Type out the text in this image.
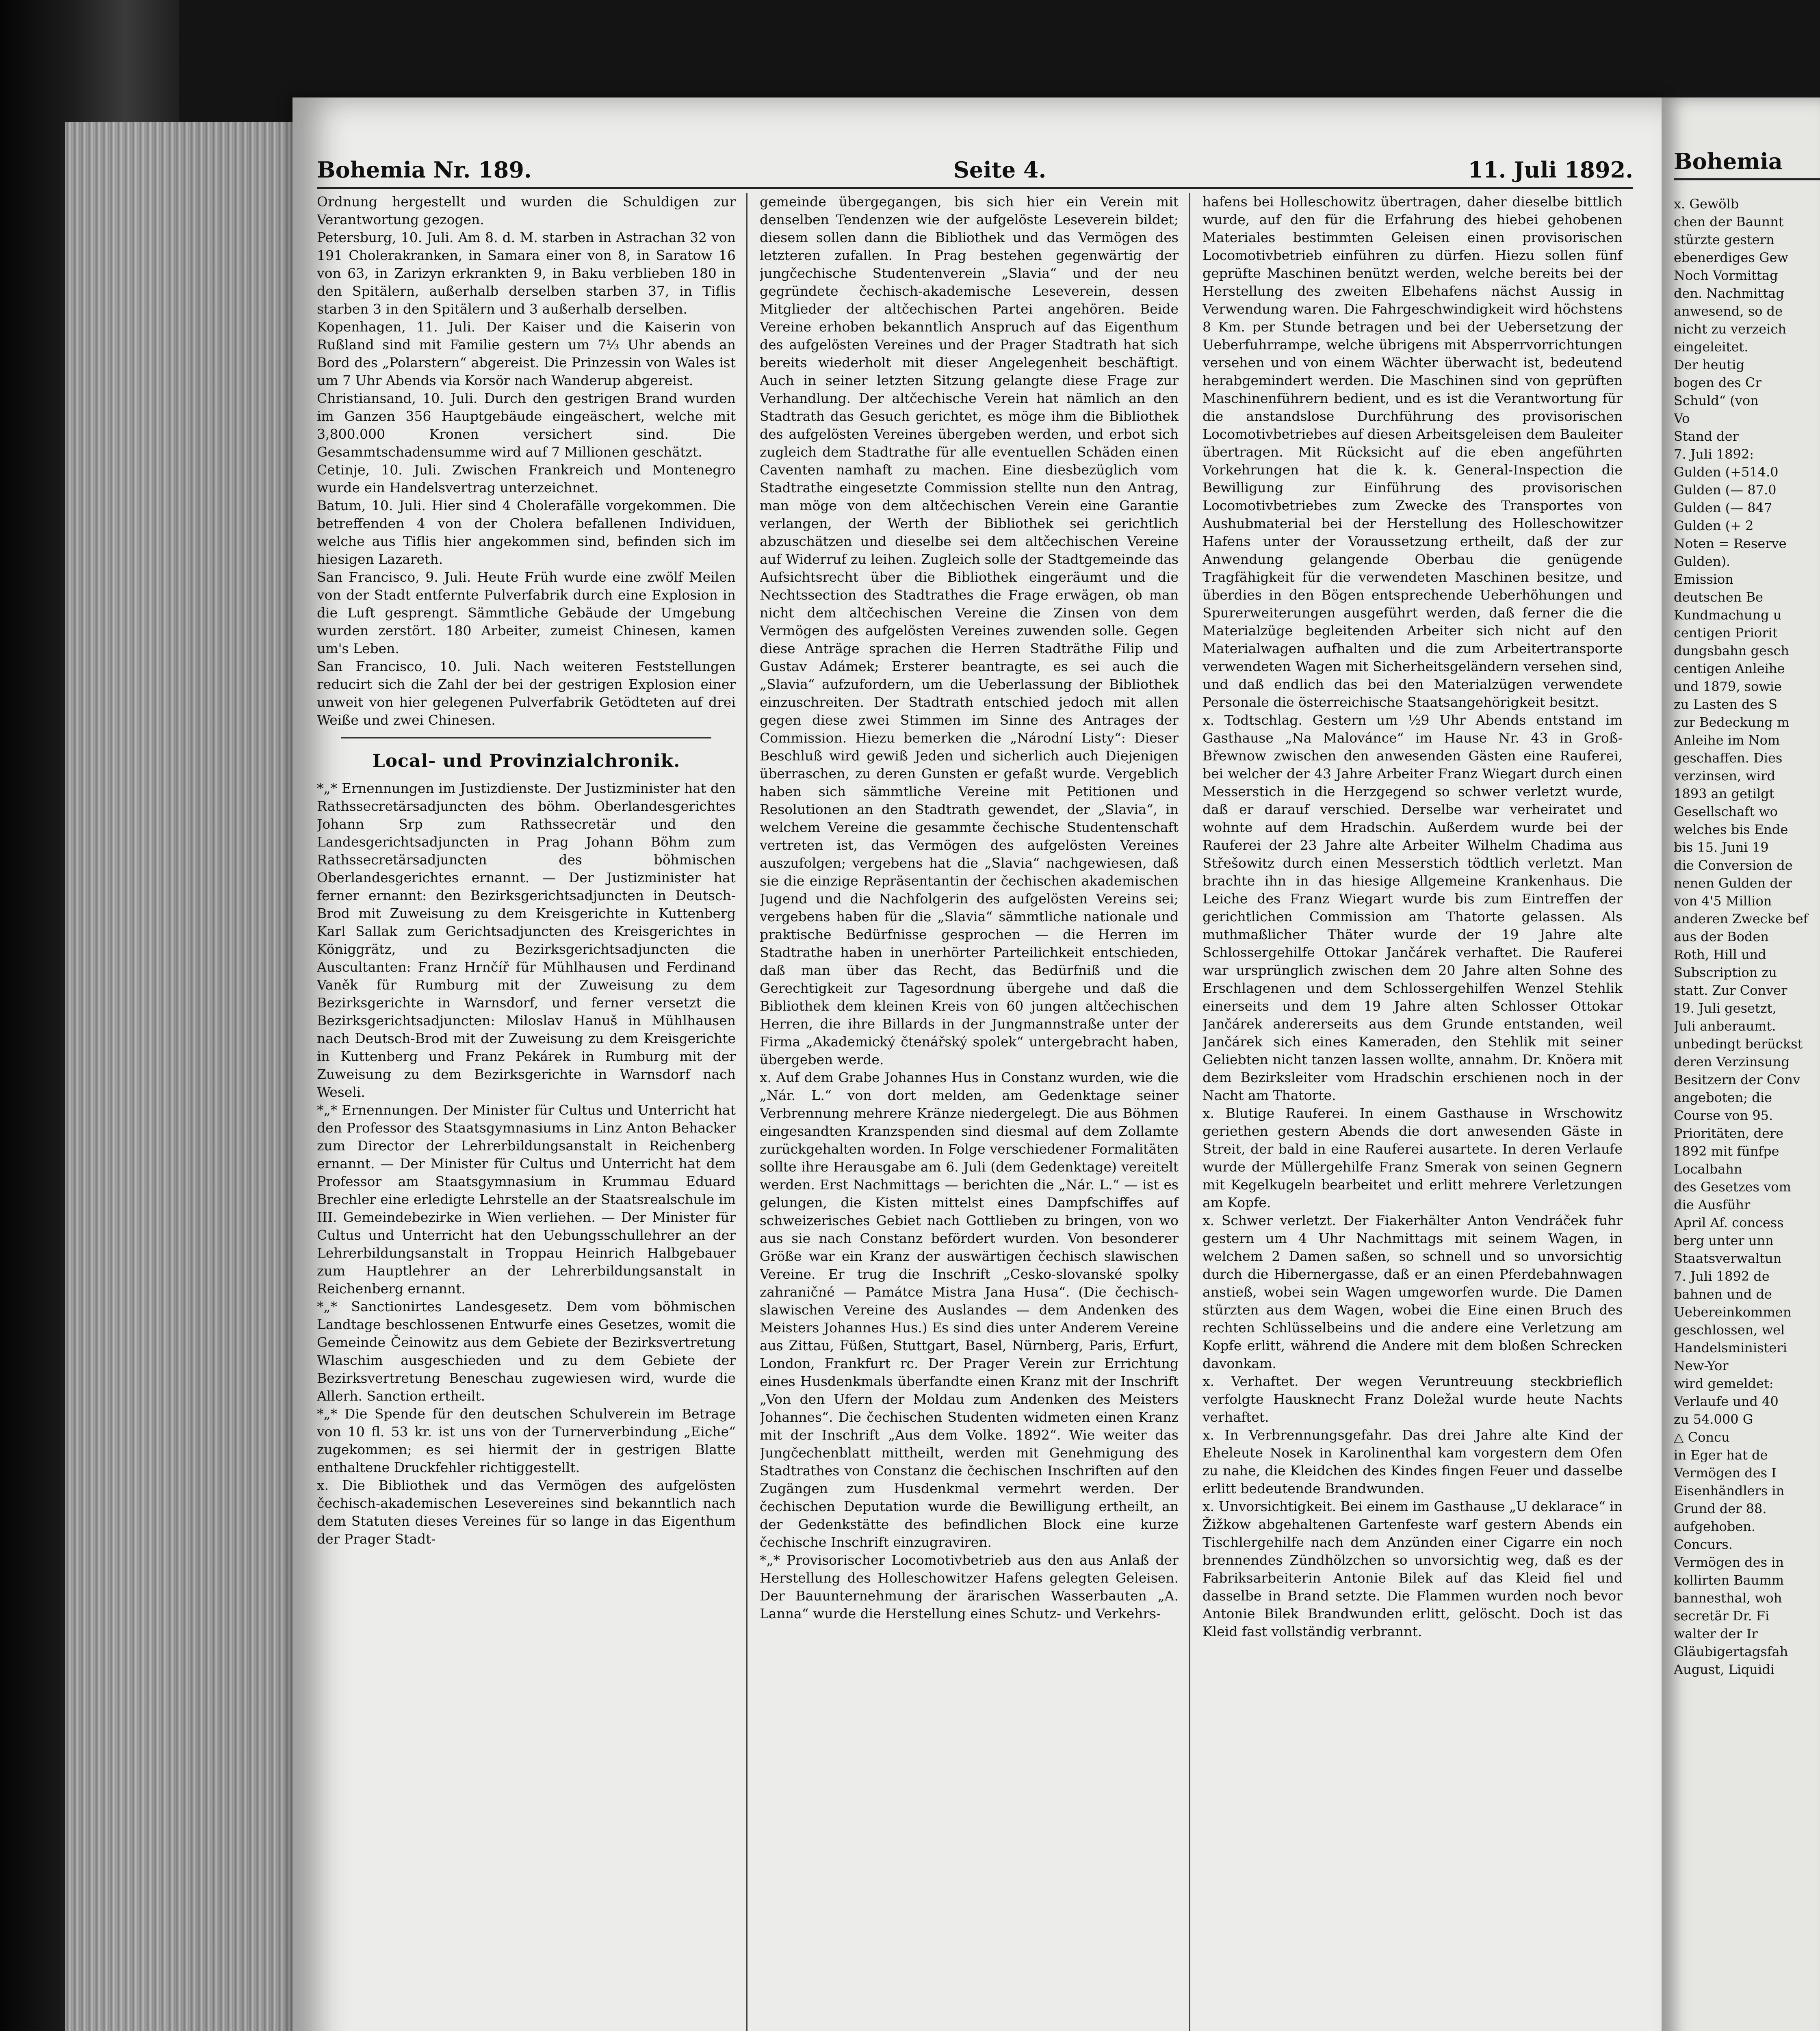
Bohemia Nr. 189.	Seite 4.	11. Juli 1892.

Ordnung hergestellt und wurden die Schuldigen zur Verantwortung gezogen.

Petersburg, 10. Juli. Am 8. d. M. starben in Astrachan 32 von 191 Cholerakranken, in Samara einer von 8, in Saratow 16 von 63, in Zarizyn erkrankten 9, in Baku verblieben 180 in den Spitälern, außerhalb derselben starben 37, in Tiflis starben 3 in den Spitälern und 3 außerhalb derselben.

Kopenhagen, 11. Juli. Der Kaiser und die Kaiserin von Rußland sind mit Familie gestern um 7⅓ Uhr abends an Bord des „Polarstern“ abgereist. Die Prinzessin von Wales ist um 7 Uhr Abends via Korsör nach Wanderup abgereist.

Christiansand, 10. Juli. Durch den gestrigen Brand wurden im Ganzen 356 Hauptgebäude eingeäschert, welche mit 3,800.000 Kronen versichert sind. Die Gesammtschadensumme wird auf 7 Millionen geschätzt.

Cetinje, 10. Juli. Zwischen Frankreich und Montenegro wurde ein Handelsvertrag unterzeichnet.

Batum, 10. Juli. Hier sind 4 Cholerafälle vorgekommen. Die betreffenden 4 von der Cholera befallenen Individuen, welche aus Tiflis hier angekommen sind, befinden sich im hiesigen Lazareth.

San Francisco, 9. Juli. Heute Früh wurde eine zwölf Meilen von der Stadt entfernte Pulverfabrik durch eine Explosion in die Luft gesprengt. Sämmtliche Gebäude der Umgebung wurden zerstört. 180 Arbeiter, zumeist Chinesen, kamen um's Leben.

San Francisco, 10. Juli. Nach weiteren Feststellungen reducirt sich die Zahl der bei der gestrigen Explosion einer unweit von hier gelegenen Pulverfabrik Getödteten auf drei Weiße und zwei Chinesen.

Local- und Provinzialchronik.

*„* Ernennungen im Justizdienste. Der Justizminister hat den Rathssecretärsadjuncten des böhm. Oberlandesgerichtes Johann Srp zum Rathssecretär und den Landesgerichtsadjuncten in Prag Johann Böhm zum Rathssecretärsadjuncten des böhmischen Oberlandesgerichtes ernannt. — Der Justizminister hat ferner ernannt: den Bezirksgerichtsadjuncten in Deutsch-Brod mit Zuweisung zu dem Kreisgerichte in Kuttenberg Karl Sallak zum Gerichtsadjuncten des Kreisgerichtes in Königgrätz, und zu Bezirksgerichtsadjuncten die Auscultanten: Franz Hrnčíř für Mühlhausen und Ferdinand Vaněk für Rumburg mit der Zuweisung zu dem Bezirksgerichte in Warnsdorf, und ferner versetzt die Bezirksgerichtsadjuncten: Miloslav Hanuš in Mühlhausen nach Deutsch-Brod mit der Zuweisung zu dem Kreisgerichte in Kuttenberg und Franz Pekárek in Rumburg mit der Zuweisung zu dem Bezirksgerichte in Warnsdorf nach Weseli.

*„* Ernennungen. Der Minister für Cultus und Unterricht hat den Professor des Staatsgymnasiums in Linz Anton Behacker zum Director der Lehrerbildungsanstalt in Reichenberg ernannt. — Der Minister für Cultus und Unterricht hat dem Professor am Staatsgymnasium in Krummau Eduard Brechler eine erledigte Lehrstelle an der Staatsrealschule im III. Gemeindebezirke in Wien verliehen. — Der Minister für Cultus und Unterricht hat den Uebungsschullehrer an der Lehrerbildungsanstalt in Troppau Heinrich Halbgebauer zum Hauptlehrer an der Lehrerbildungsanstalt in Reichenberg ernannt.

*„* Sanctionirtes Landesgesetz. Dem vom böhmischen Landtage beschlossenen Entwurfe eines Gesetzes, womit die Gemeinde Čeinowitz aus dem Gebiete der Bezirksvertretung Wlaschim ausgeschieden und zu dem Gebiete der Bezirksvertretung Beneschau zugewiesen wird, wurde die Allerh. Sanction ertheilt.

*„* Die Spende für den deutschen Schulverein im Betrage von 10 fl. 53 kr. ist uns von der Turnerverbindung „Eiche“ zugekommen; es sei hiermit der in gestrigen Blatte enthaltene Druckfehler richtiggestellt.

x. Die Bibliothek und das Vermögen des aufgelösten čechisch-akademischen Lesevereines sind bekanntlich nach dem Statuten dieses Vereines für so lange in das Eigenthum der Prager Stadt-

gemeinde übergegangen, bis sich hier ein Verein mit denselben Tendenzen wie der aufgelöste Leseverein bildet; diesem sollen dann die Bibliothek und das Vermögen des letzteren zufallen. In Prag bestehen gegenwärtig der jungčechische Studentenverein „Slavia“ und der neu gegründete čechisch-akademische Leseverein, dessen Mitglieder der altčechischen Partei angehören. Beide Vereine erhoben bekanntlich Anspruch auf das Eigenthum des aufgelösten Vereines und der Prager Stadtrath hat sich bereits wiederholt mit dieser Angelegenheit beschäftigt. Auch in seiner letzten Sitzung gelangte diese Frage zur Verhandlung. Der altčechische Verein hat nämlich an den Stadtrath das Gesuch gerichtet, es möge ihm die Bibliothek des aufgelösten Vereines übergeben werden, und erbot sich zugleich dem Stadtrathe für alle eventuellen Schäden einen Caventen namhaft zu machen. Eine diesbezüglich vom Stadtrathe eingesetzte Commission stellte nun den Antrag, man möge von dem altčechischen Verein eine Garantie verlangen, der Werth der Bibliothek sei gerichtlich abzuschätzen und dieselbe sei dem altčechischen Vereine auf Widerruf zu leihen. Zugleich solle der Stadtgemeinde das Aufsichtsrecht über die Bibliothek eingeräumt und die Nechtssection des Stadtrathes die Frage erwägen, ob man nicht dem altčechischen Vereine die Zinsen von dem Vermögen des aufgelösten Vereines zuwenden solle. Gegen diese Anträge sprachen die Herren Stadträthe Filip und Gustav Adámek; Ersterer beantragte, es sei auch die „Slavia“ aufzufordern, um die Ueberlassung der Bibliothek einzuschreiten. Der Stadtrath entschied jedoch mit allen gegen diese zwei Stimmen im Sinne des Antrages der Commission. Hiezu bemerken die „Národní Listy“: Dieser Beschluß wird gewiß Jeden und sicherlich auch Diejenigen überraschen, zu deren Gunsten er gefaßt wurde. Vergeblich haben sich sämmtliche Vereine mit Petitionen und Resolutionen an den Stadtrath gewendet, der „Slavia“, in welchem Vereine die gesammte čechische Studentenschaft vertreten ist, das Vermögen des aufgelösten Vereines auszufolgen; vergebens hat die „Slavia“ nachgewiesen, daß sie die einzige Repräsentantin der čechischen akademischen Jugend und die Nachfolgerin des aufgelösten Vereins sei; vergebens haben für die „Slavia“ sämmtliche nationale und praktische Bedürfnisse gesprochen — die Herren im Stadtrathe haben in unerhörter Parteilichkeit entschieden, daß man über das Recht, das Bedürfniß und die Gerechtigkeit zur Tagesordnung übergehe und daß die Bibliothek dem kleinen Kreis von 60 jungen altčechischen Herren, die ihre Billards in der Jungmannstraße unter der Firma „Akademický čtenářský spolek“ untergebracht haben, übergeben werde.

x. Auf dem Grabe Johannes Hus in Constanz wurden, wie die „Nár. L.“ von dort melden, am Gedenktage seiner Verbrennung mehrere Kränze niedergelegt. Die aus Böhmen eingesandten Kranzspenden sind diesmal auf dem Zollamte zurückgehalten worden. In Folge verschiedener Formalitäten sollte ihre Herausgabe am 6. Juli (dem Gedenktage) vereitelt werden. Erst Nachmittags — berichten die „Nár. L.“ — ist es gelungen, die Kisten mittelst eines Dampfschiffes auf schweizerisches Gebiet nach Gottlieben zu bringen, von wo aus sie nach Constanz befördert wurden. Von besonderer Größe war ein Kranz der auswärtigen čechisch slawischen Vereine. Er trug die Inschrift „Cesko-slovanské spolky zahraničné — Památce Mistra Jana Husa“. (Die čechisch-slawischen Vereine des Auslandes — dem Andenken des Meisters Johannes Hus.) Es sind dies unter Anderem Vereine aus Zittau, Füßen, Stuttgart, Basel, Nürnberg, Paris, Erfurt, London, Frankfurt rc. Der Prager Verein zur Errichtung eines Husdenkmals überfandte einen Kranz mit der Inschrift „Von den Ufern der Moldau zum Andenken des Meisters Johannes“. Die čechischen Studenten widmeten einen Kranz mit der Inschrift „Aus dem Volke. 1892“. Wie weiter das Jungčechenblatt mittheilt, werden mit Genehmigung des Stadtrathes von Constanz die čechischen Inschriften auf den Zugängen zum Husdenkmal vermehrt werden. Der čechischen Deputation wurde die Bewilligung ertheilt, an der Gedenkstätte des befindlichen Block eine kurze čechische Inschrift einzugraviren.

*„* Provisorischer Locomotivbetrieb aus den aus Anlaß der Herstellung des Holleschowitzer Hafens gelegten Geleisen. Der Bauunternehmung der ärarischen Wasserbauten „A. Lanna“ wurde die Herstellung eines Schutz- und Verkehrs-

hafens bei Holleschowitz übertragen, daher dieselbe bittlich wurde, auf den für die Erfahrung des hiebei gehobenen Materiales bestimmten Geleisen einen provisorischen Locomotivbetrieb einführen zu dürfen. Hiezu sollen fünf geprüfte Maschinen benützt werden, welche bereits bei der Herstellung des zweiten Elbehafens nächst Aussig in Verwendung waren. Die Fahrgeschwindigkeit wird höchstens 8 Km. per Stunde betragen und bei der Uebersetzung der Ueberfuhrrampe, welche übrigens mit Absperrvorrichtungen versehen und von einem Wächter überwacht ist, bedeutend herabgemindert werden. Die Maschinen sind von geprüften Maschinenführern bedient, und es ist die Verantwortung für die anstandslose Durchführung des provisorischen Locomotivbetriebes auf diesen Arbeitsgeleisen dem Bauleiter übertragen. Mit Rücksicht auf die eben angeführten Vorkehrungen hat die k. k. General-Inspection die Bewilligung zur Einführung des provisorischen Locomotivbetriebes zum Zwecke des Transportes von Aushubmaterial bei der Herstellung des Holleschowitzer Hafens unter der Voraussetzung ertheilt, daß der zur Anwendung gelangende Oberbau die genügende Tragfähigkeit für die verwendeten Maschinen besitze, und überdies in den Bögen entsprechende Ueberhöhungen und Spurerweiterungen ausgeführt werden, daß ferner die die Materialzüge begleitenden Arbeiter sich nicht auf den Materialwagen aufhalten und die zum Arbeitertransporte verwendeten Wagen mit Sicherheitsgeländern versehen sind, und daß endlich das bei den Materialzügen verwendete Personale die österreichische Staatsangehörigkeit besitzt.

x. Todtschlag. Gestern um ½9 Uhr Abends entstand im Gasthause „Na Malovánce“ im Hause Nr. 43 in Groß-Břewnow zwischen den anwesenden Gästen eine Rauferei, bei welcher der 43 Jahre Arbeiter Franz Wiegart durch einen Messerstich in die Herzgegend so schwer verletzt wurde, daß er darauf verschied. Derselbe war verheiratet und wohnte auf dem Hradschin. Außerdem wurde bei der Rauferei der 23 Jahre alte Arbeiter Wilhelm Chadima aus Střešowitz durch einen Messerstich tödtlich verletzt. Man brachte ihn in das hiesige Allgemeine Krankenhaus. Die Leiche des Franz Wiegart wurde bis zum Eintreffen der gerichtlichen Commission am Thatorte gelassen. Als muthmaßlicher Thäter wurde der 19 Jahre alte Schlossergehilfe Ottokar Jančárek verhaftet. Die Rauferei war ursprünglich zwischen dem 20 Jahre alten Sohne des Erschlagenen und dem Schlossergehilfen Wenzel Stehlik einerseits und dem 19 Jahre alten Schlosser Ottokar Jančárek andererseits aus dem Grunde entstanden, weil Jančárek sich eines Kameraden, den Stehlik mit seiner Geliebten nicht tanzen lassen wollte, annahm. Dr. Knöera mit dem Bezirksleiter vom Hradschin erschienen noch in der Nacht am Thatorte.

x. Blutige Rauferei. In einem Gasthause in Wrschowitz geriethen gestern Abends die dort anwesenden Gäste in Streit, der bald in eine Rauferei ausartete. In deren Verlaufe wurde der Müllergehilfe Franz Smerak von seinen Gegnern mit Kegelkugeln bearbeitet und erlitt mehrere Verletzungen am Kopfe.

x. Schwer verletzt. Der Fiakerhälter Anton Vendráček fuhr gestern um 4 Uhr Nachmittags mit seinem Wagen, in welchem 2 Damen saßen, so schnell und so unvorsichtig durch die Hibernergasse, daß er an einen Pferdebahnwagen anstieß, wobei sein Wagen umgeworfen wurde. Die Damen stürzten aus dem Wagen, wobei die Eine einen Bruch des rechten Schlüsselbeins und die andere eine Verletzung am Kopfe erlitt, während die Andere mit dem bloßen Schrecken davonkam.

x. Verhaftet. Der wegen Veruntreuung steckbrieflich verfolgte Hausknecht Franz Doležal wurde heute Nachts verhaftet.

x. In Verbrennungsgefahr. Das drei Jahre alte Kind der Eheleute Nosek in Karolinenthal kam vorgestern dem Ofen zu nahe, die Kleidchen des Kindes fingen Feuer und dasselbe erlitt bedeutende Brandwunden.

x. Unvorsichtigkeit. Bei einem im Gasthause „U deklarace“ in Žižkow abgehaltenen Gartenfeste warf gestern Abends ein Tischlergehilfe nach dem Anzünden einer Cigarre ein noch brennendes Zündhölzchen so unvorsichtig weg, daß es der Fabriksarbeiterin Antonie Bilek auf das Kleid fiel und dasselbe in Brand setzte. Die Flammen wurden noch bevor Antonie Bilek Brandwunden erlitt, gelöscht. Doch ist das Kleid fast vollständig verbrannt.

Bohemia
x. Gewölb
chen der Baunnt
stürzte gestern
ebenerdiges Gew
Noch Vormittag
den. Nachmittag
anwesend, so de
nicht zu verzeich
eingeleitet.
Der heutig
bogen des Cr
Schuld“ (von
Vo
Stand der
7. Juli 1892:
Gulden (+514.0
Gulden (— 87.0
Gulden (— 847
Gulden (+ 2
Noten = Reserve
Gulden).
Emission
deutschen Be
Kundmachung u
centigen Priorit
dungsbahn gesch
centigen Anleihe
und 1879, sowie
zu Lasten des S
zur Bedeckung m
Anleihe im Nom
geschaffen. Dies
verzinsen, wird
1893 an getilgt
Gesellschaft wo
welches bis Ende
bis 15. Juni 19
die Conversion de
nenen Gulden der
von 4'5 Million
anderen Zwecke bef
aus der Boden
Roth, Hill und
Subscription zu
statt. Zur Conver
19. Juli gesetzt,
Juli anberaumt.
unbedingt berückst
deren Verzinsung
Besitzern der Conv
angeboten; die
Course von 95.
Prioritäten, dere
1892 mit fünfpe
Localbahn
des Gesetzes vom
die Ausführ
April Af. concess
berg unter unn
Staatsverwaltun
7. Juli 1892 de
bahnen und de
Uebereinkommen
geschlossen, wel
Handelsministeri
New-Yor
wird gemeldet:
Verlaufe und 40
zu 54.000 G
△ Concu
in Eger hat de
Vermögen des I
Eisenhändlers in
Grund der 88.
aufgehoben.
Concurs.
Vermögen des in
kollirten Baumm
bannesthal, woh
secretär Dr. Fi
walter der Ir
Gläubigertagsfah
August, Liquidi
